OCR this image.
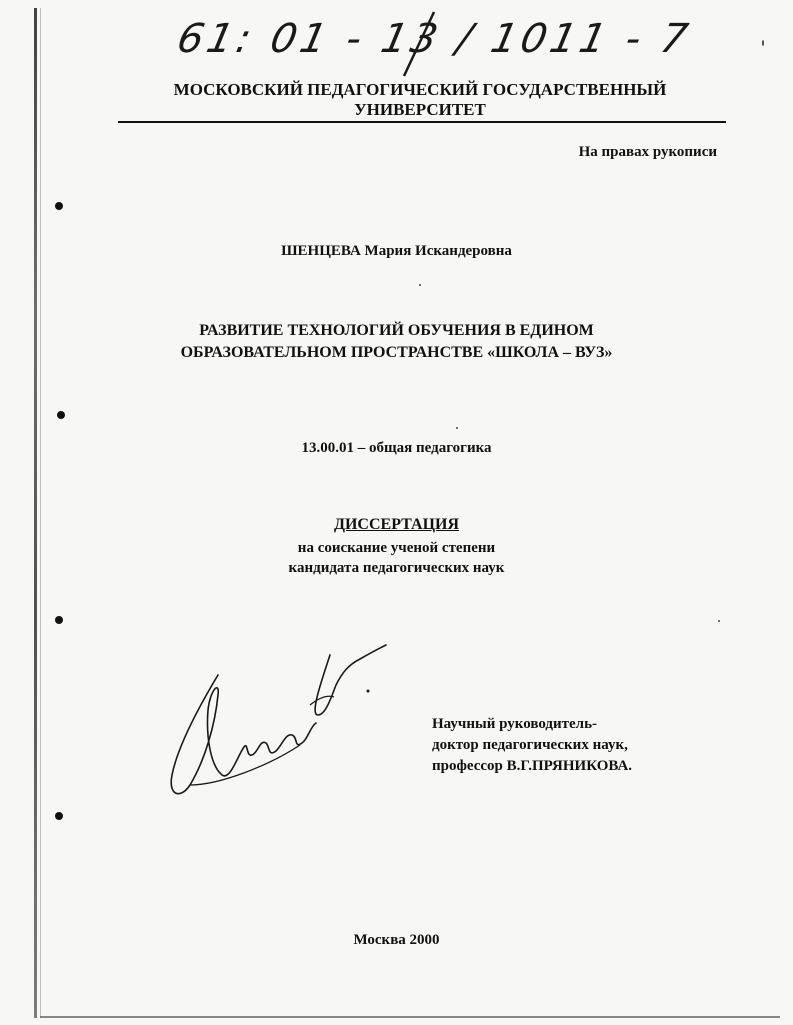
61: 01 - 13 / 1011 - 7
МОСКОВСКИЙ ПЕДАГОГИЧЕСКИЙ ГОСУДАРСТВЕННЫЙ
УНИВЕРСИТЕТ
На правах рукописи
ШЕНЦЕВА Мария Искандеровна
РАЗВИТИЕ ТЕХНОЛОГИЙ ОБУЧЕНИЯ В ЕДИНОМ
ОБРАЗОВАТЕЛЬНОМ ПРОСТРАНСТВЕ «ШКОЛА – ВУЗ»
13.00.01 – общая педагогика
ДИССЕРТАЦИЯ
на соискание ученой степени
кандидата педагогических наук
Научный руководитель-
доктор педагогических наук,
профессор В.Г.ПРЯНИКОВА.
Москва 2000
